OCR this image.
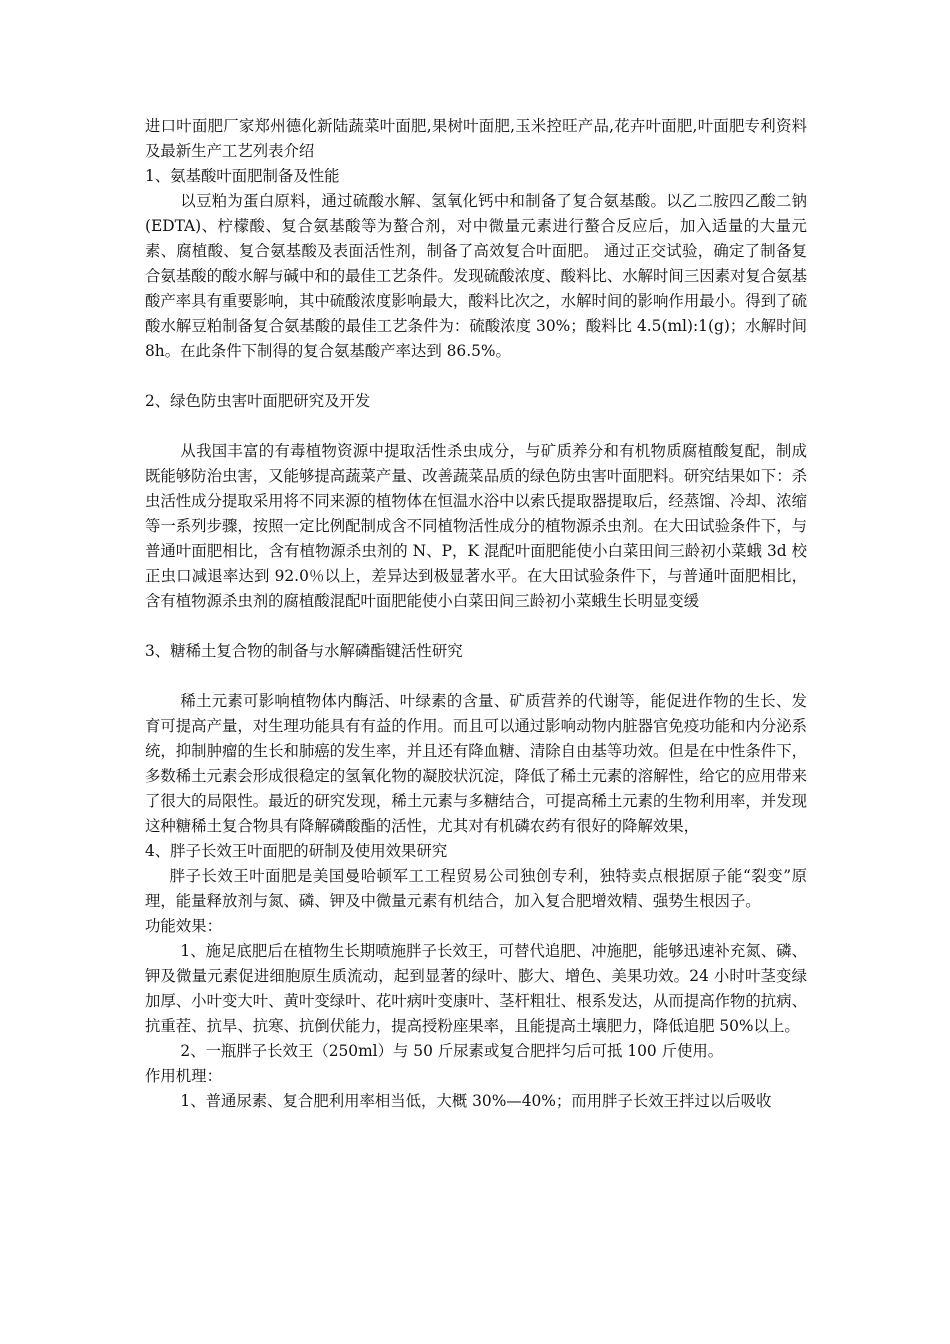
进口叶面肥厂家郑州德化新陆蔬菜叶面肥,果树叶面肥,玉米控旺产品,花卉叶面肥,叶面肥专利资料及最新生产工艺列表介绍

1、氨基酸叶面肥制备及性能

以豆粕为蛋白原料，通过硫酸水解、氢氧化钙中和制备了复合氨基酸。以乙二胺四乙酸二钠(EDTA)、柠檬酸、复合氨基酸等为螯合剂，对中微量元素进行螯合反应后，加入适量的大量元素、腐植酸、复合氨基酸及表面活性剂，制备了高效复合叶面肥。 通过正交试验，确定了制备复合氨基酸的酸水解与碱中和的最佳工艺条件。发现硫酸浓度、酸料比、水解时间三因素对复合氨基酸产率具有重要影响，其中硫酸浓度影响最大，酸料比次之，水解时间的影响作用最小。得到了硫酸水解豆粕制备复合氨基酸的最佳工艺条件为：硫酸浓度 30%；酸料比 4.5(ml):1(g)；水解时间 8h。在此条件下制得的复合氨基酸产率达到 86.5%。

2、绿色防虫害叶面肥研究及开发

从我国丰富的有毒植物资源中提取活性杀虫成分，与矿质养分和有机物质腐植酸复配，制成既能够防治虫害，又能够提高蔬菜产量、改善蔬菜品质的绿色防虫害叶面肥料。研究结果如下：杀虫活性成分提取采用将不同来源的植物体在恒温水浴中以索氏提取器提取后，经蒸馏、冷却、浓缩等一系列步骤，按照一定比例配制成含不同植物活性成分的植物源杀虫剂。在大田试验条件下，与普通叶面肥相比，含有植物源杀虫剂的 N、P，K 混配叶面肥能使小白菜田间三龄初小菜蛾 3d 校正虫口减退率达到 92.0％以上，差异达到极显著水平。在大田试验条件下，与普通叶面肥相比，含有植物源杀虫剂的腐植酸混配叶面肥能使小白菜田间三龄初小菜蛾生长明显变缓

3、糖稀土复合物的制备与水解磷酯键活性研究

稀土元素可影响植物体内酶活、叶绿素的含量、矿质营养的代谢等，能促进作物的生长、发育可提高产量，对生理功能具有有益的作用。而且可以通过影响动物内脏器官免疫功能和内分泌系统，抑制肿瘤的生长和肺癌的发生率，并且还有降血糖、清除自由基等功效。但是在中性条件下，多数稀土元素会形成很稳定的氢氧化物的凝胶状沉淀，降低了稀土元素的溶解性，给它的应用带来了很大的局限性。最近的研究发现，稀土元素与多糖结合，可提高稀土元素的生物利用率，并发现这种糖稀土复合物具有降解磷酸酯的活性，尤其对有机磷农药有很好的降解效果，

4、胖子长效王叶面肥的研制及使用效果研究

胖子长效王叶面肥是美国曼哈顿军工工程贸易公司独创专利，独特卖点根据原子能“裂变”原理，能量释放剂与氮、磷、钾及中微量元素有机结合，加入复合肥增效精、强势生根因子。

功能效果：

1、施足底肥后在植物生长期喷施胖子长效王，可替代追肥、冲施肥，能够迅速补充氮、磷、钾及微量元素促进细胞原生质流动，起到显著的绿叶、膨大、增色、美果功效。24 小时叶茎变绿加厚、小叶变大叶、黄叶变绿叶、花叶病叶变康叶、茎杆粗壮、根系发达，从而提高作物的抗病、抗重茬、抗旱、抗寒、抗倒伏能力，提高授粉座果率，且能提高土壤肥力，降低追肥 50%以上。

2、一瓶胖子长效王（250ml）与 50 斤尿素或复合肥拌匀后可抵 100 斤使用。

作用机理：

1、普通尿素、复合肥利用率相当低，大概 30%—40%；而用胖子长效王拌过以后吸收
